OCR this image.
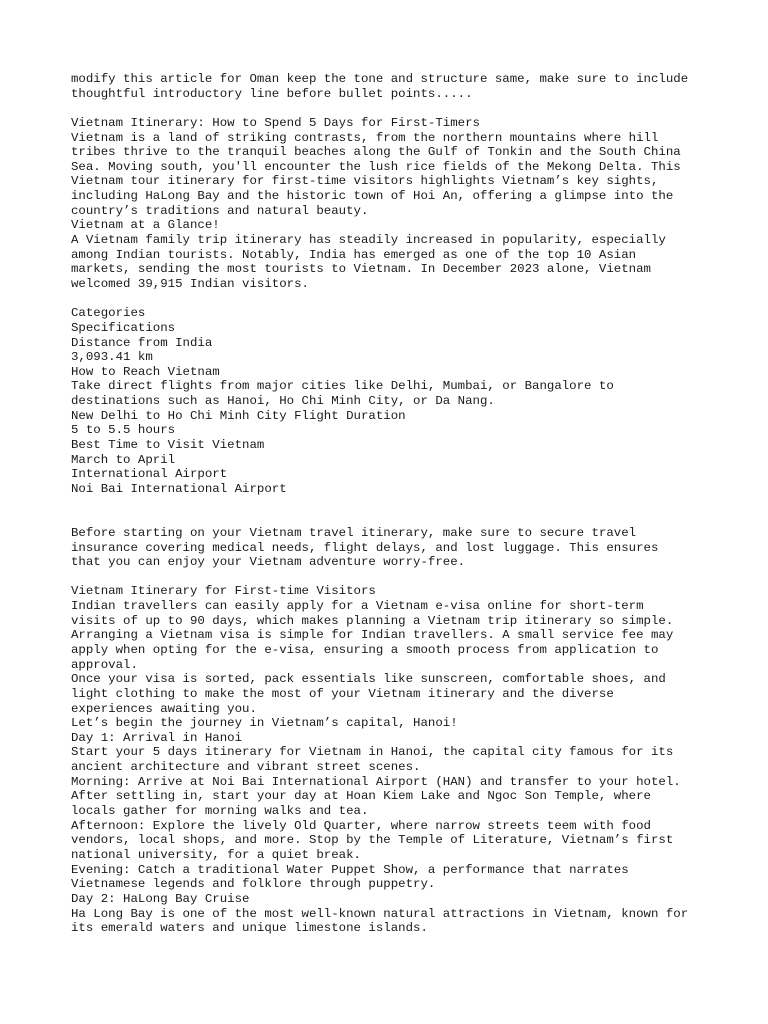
modify this article for Oman keep the tone and structure same, make sure to include
thoughtful introductory line before bullet points.....
Vietnam Itinerary: How to Spend 5 Days for First-Timers
Vietnam is a land of striking contrasts, from the northern mountains where hill
tribes thrive to the tranquil beaches along the Gulf of Tonkin and the South China
Sea. Moving south, you'll encounter the lush rice fields of the Mekong Delta. This
Vietnam tour itinerary for first-time visitors highlights Vietnam’s key sights,
including HaLong Bay and the historic town of Hoi An, offering a glimpse into the
country’s traditions and natural beauty.
Vietnam at a Glance!
A Vietnam family trip itinerary has steadily increased in popularity, especially
among Indian tourists. Notably, India has emerged as one of the top 10 Asian
markets, sending the most tourists to Vietnam. In December 2023 alone, Vietnam
welcomed 39,915 Indian visitors.
Categories
Specifications
Distance from India
3,093.41 km
How to Reach Vietnam
Take direct flights from major cities like Delhi, Mumbai, or Bangalore to
destinations such as Hanoi, Ho Chi Minh City, or Da Nang.
New Delhi to Ho Chi Minh City Flight Duration
5 to 5.5 hours
Best Time to Visit Vietnam
March to April
International Airport
Noi Bai International Airport
Before starting on your Vietnam travel itinerary, make sure to secure travel
insurance covering medical needs, flight delays, and lost luggage. This ensures
that you can enjoy your Vietnam adventure worry-free.
Vietnam Itinerary for First-time Visitors
Indian travellers can easily apply for a Vietnam e-visa online for short-term
visits of up to 90 days, which makes planning a Vietnam trip itinerary so simple.
Arranging a Vietnam visa is simple for Indian travellers. A small service fee may
apply when opting for the e-visa, ensuring a smooth process from application to
approval.
Once your visa is sorted, pack essentials like sunscreen, comfortable shoes, and
light clothing to make the most of your Vietnam itinerary and the diverse
experiences awaiting you.
Let’s begin the journey in Vietnam’s capital, Hanoi!
Day 1: Arrival in Hanoi
Start your 5 days itinerary for Vietnam in Hanoi, the capital city famous for its
ancient architecture and vibrant street scenes.
Morning: Arrive at Noi Bai International Airport (HAN) and transfer to your hotel.
After settling in, start your day at Hoan Kiem Lake and Ngoc Son Temple, where
locals gather for morning walks and tea.
Afternoon: Explore the lively Old Quarter, where narrow streets teem with food
vendors, local shops, and more. Stop by the Temple of Literature, Vietnam’s first
national university, for a quiet break.
Evening: Catch a traditional Water Puppet Show, a performance that narrates
Vietnamese legends and folklore through puppetry.
Day 2: HaLong Bay Cruise
Ha Long Bay is one of the most well-known natural attractions in Vietnam, known for
its emerald waters and unique limestone islands.
